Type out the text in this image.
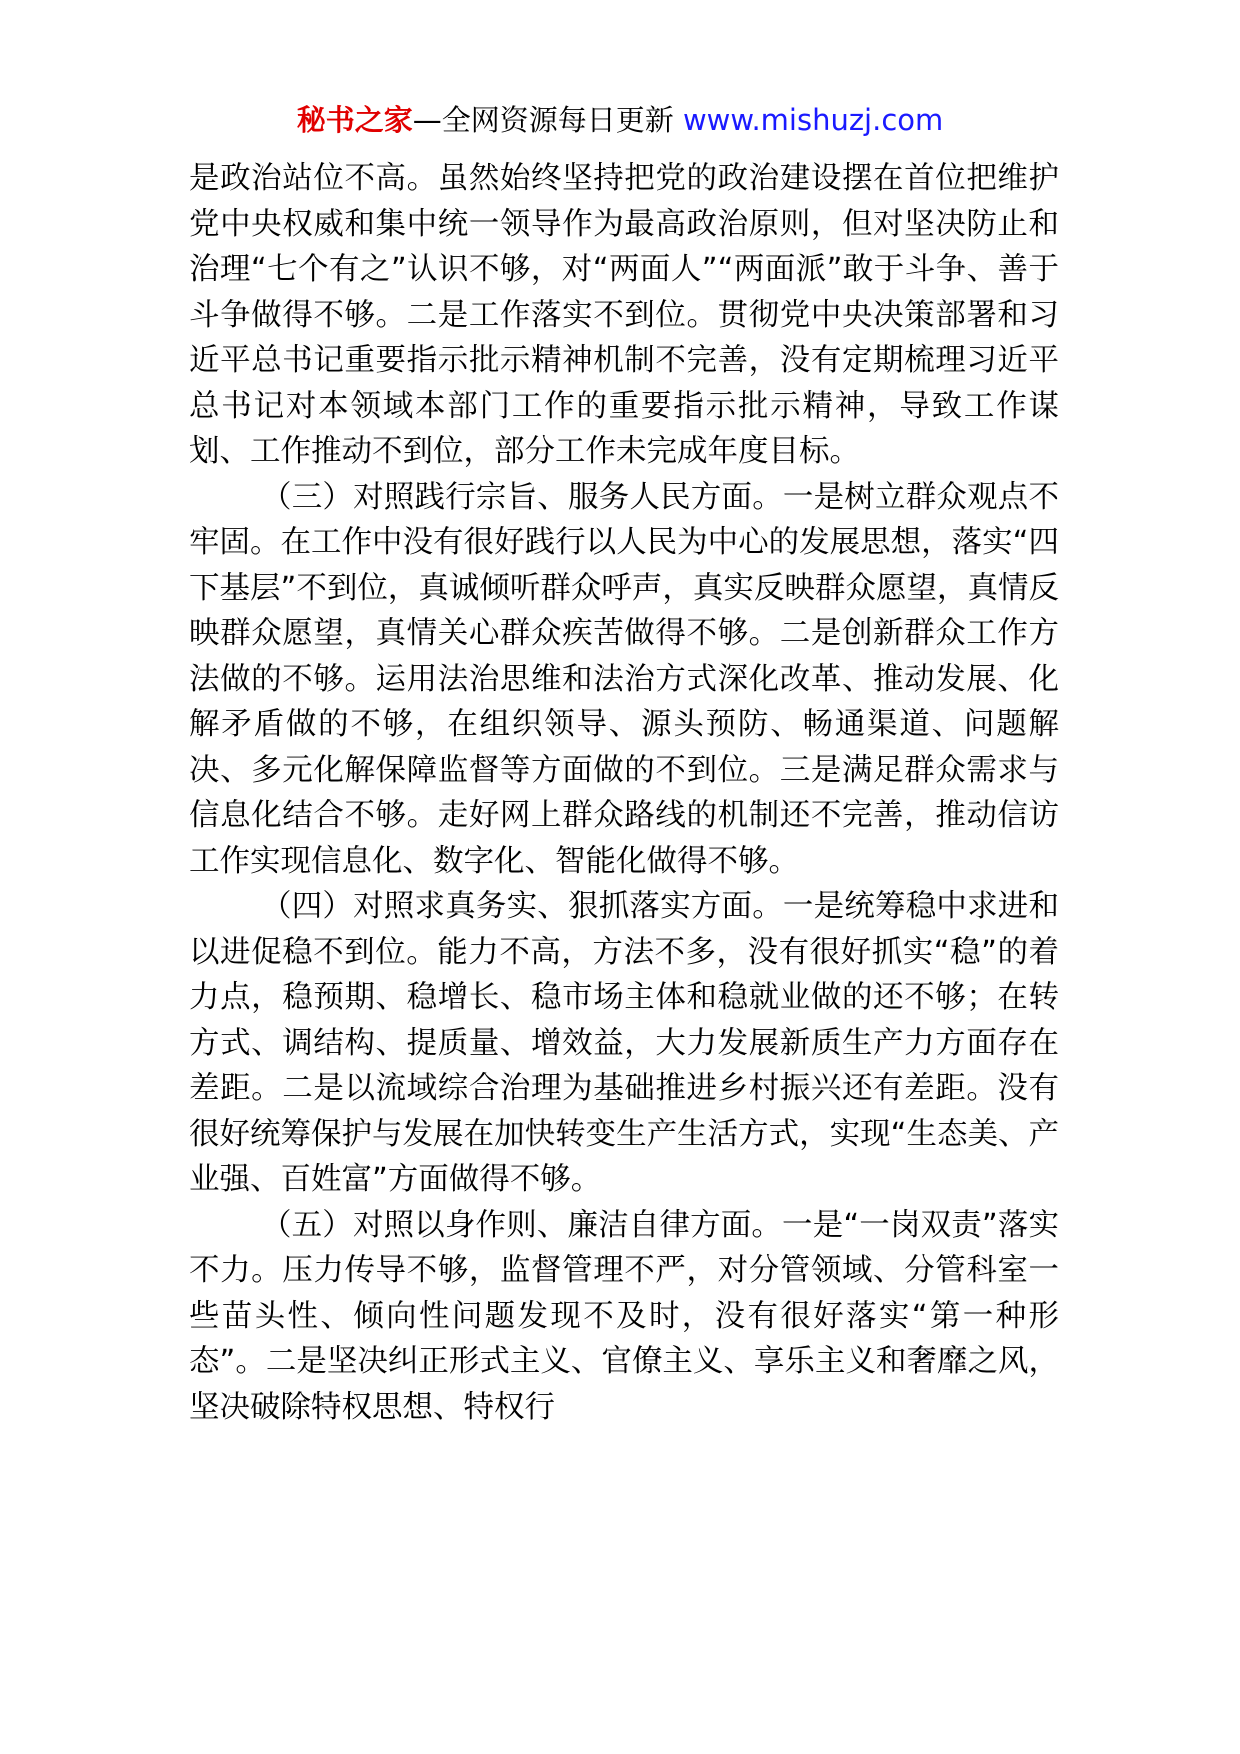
秘书之家—全网资源每日更新 www.mishuzj.com

是政治站位不高。虽然始终坚持把党的政治建设摆在首位把维护党中央权威和集中统一领导作为最高政治原则，但对坚决防止和治理“七个有之”认识不够，对“两面人”“两面派”敢于斗争、善于斗争做得不够。二是工作落实不到位。贯彻党中央决策部署和习近平总书记重要指示批示精神机制不完善，没有定期梳理习近平总书记对本领域本部门工作的重要指示批示精神，导致工作谋划、工作推动不到位，部分工作未完成年度目标。

（三）对照践行宗旨、服务人民方面。一是树立群众观点不牢固。在工作中没有很好践行以人民为中心的发展思想，落实“四下基层”不到位，真诚倾听群众呼声，真实反映群众愿望，真情反映群众愿望，真情关心群众疾苦做得不够。二是创新群众工作方法做的不够。运用法治思维和法治方式深化改革、推动发展、化解矛盾做的不够，在组织领导、源头预防、畅通渠道、问题解决、多元化解保障监督等方面做的不到位。三是满足群众需求与信息化结合不够。走好网上群众路线的机制还不完善，推动信访工作实现信息化、数字化、智能化做得不够。

（四）对照求真务实、狠抓落实方面。一是统筹稳中求进和以进促稳不到位。能力不高，方法不多，没有很好抓实“稳”的着力点，稳预期、稳增长、稳市场主体和稳就业做的还不够；在转方式、调结构、提质量、增效益，大力发展新质生产力方面存在差距。二是以流域综合治理为基础推进乡村振兴还有差距。没有很好统筹保护与发展在加快转变生产生活方式，实现“生态美、产业强、百姓富”方面做得不够。

（五）对照以身作则、廉洁自律方面。一是“一岗双责”落实不力。压力传导不够，监督管理不严，对分管领域、分管科室一些苗头性、倾向性问题发现不及时，没有很好落实“第一种形态”。二是坚决纠正形式主义、官僚主义、享乐主义和奢靡之风，坚决破除特权思想、特权行
